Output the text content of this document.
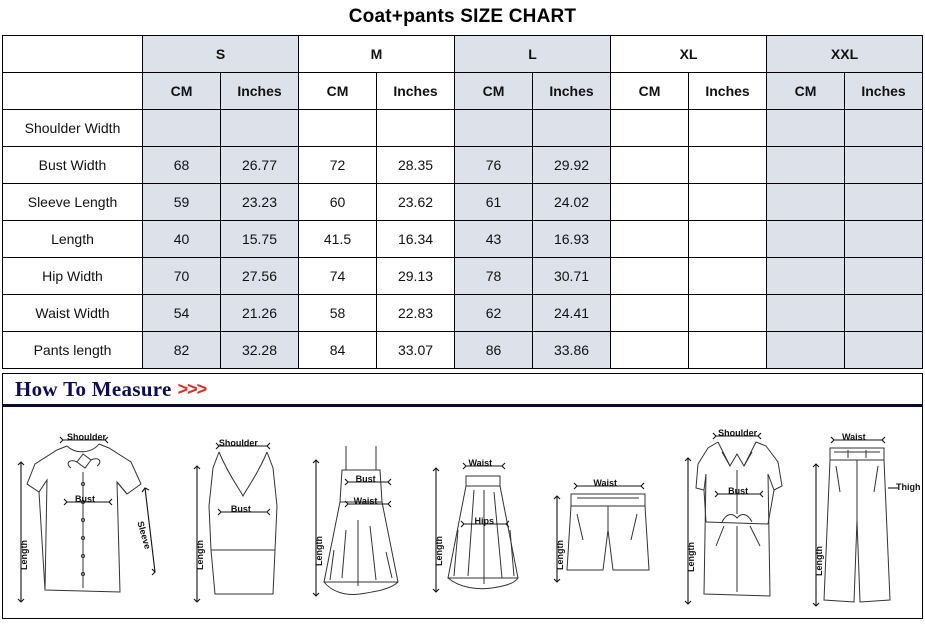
Coat+pants SIZE CHART
	S		M		L		XL		XXL	
	CM	Inches	CM	Inches	CM	Inches	CM	Inches	CM	Inches
Shoulder Width										
Bust Width	68	26.77	72	28.35	76	29.92				
Sleeve Length	59	23.23	60	23.62	61	24.02				
Length	40	15.75	41.5	16.34	43	16.93				
Hip Width	70	27.56	74	29.13	78	30.71				
Waist Width	54	21.26	58	22.83	62	24.41				
Pants length	82	32.28	84	33.07	86	33.86				
How To Measure >>>
Shoulder
Bust
Length
Sleeve
Shoulder
Bust
Length
Bust
Waist
Length
Waist
Hips
Length
Waist
Length
Shoulder
Bust
Length
Waist
Thigh
Length
